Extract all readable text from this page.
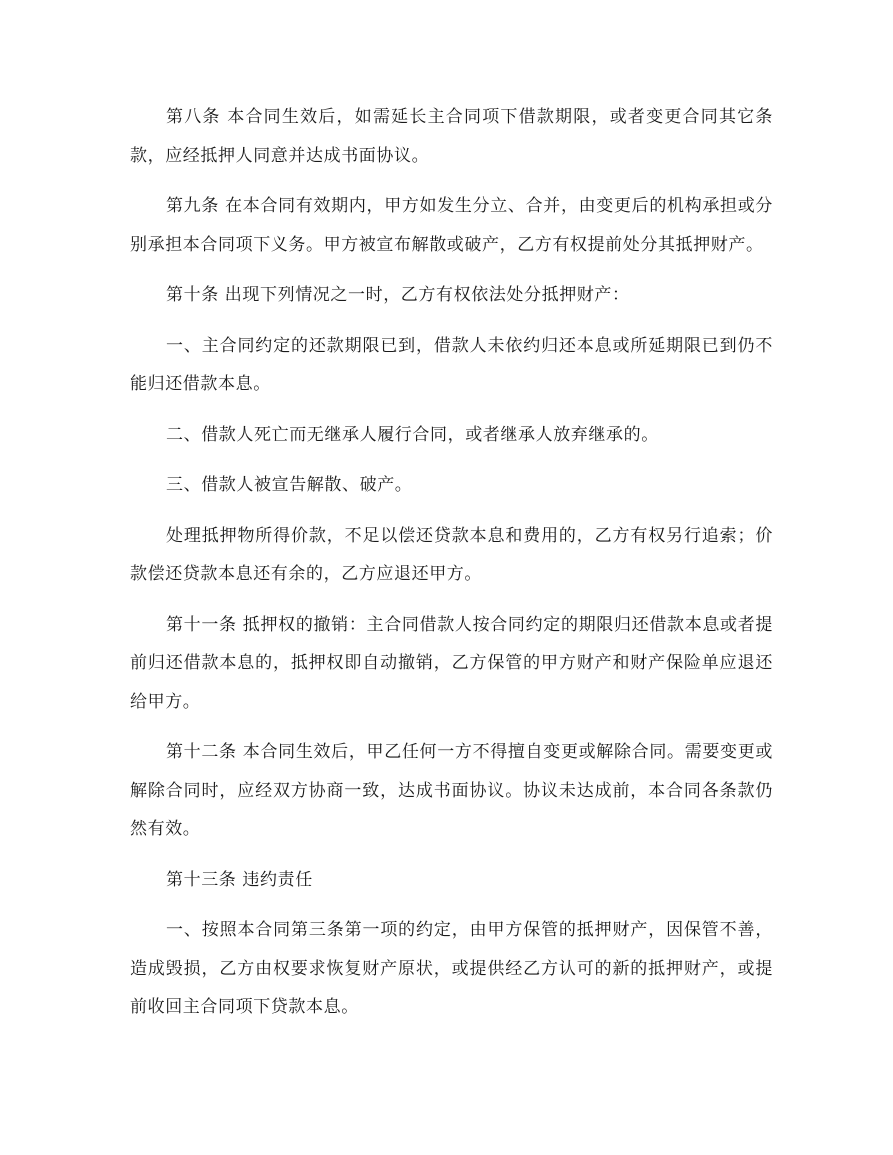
第八条 本合同生效后，如需延长主合同项下借款期限，或者变更合同其它条款，应经抵押人同意并达成书面协议。

第九条 在本合同有效期内，甲方如发生分立、合并，由变更后的机构承担或分别承担本合同项下义务。甲方被宣布解散或破产，乙方有权提前处分其抵押财产。

第十条 出现下列情况之一时，乙方有权依法处分抵押财产：

一、主合同约定的还款期限已到，借款人未依约归还本息或所延期限已到仍不能归还借款本息。

二、借款人死亡而无继承人履行合同，或者继承人放弃继承的。

三、借款人被宣告解散、破产。

处理抵押物所得价款，不足以偿还贷款本息和费用的，乙方有权另行追索；价款偿还贷款本息还有余的，乙方应退还甲方。

第十一条 抵押权的撤销：主合同借款人按合同约定的期限归还借款本息或者提前归还借款本息的，抵押权即自动撤销，乙方保管的甲方财产和财产保险单应退还给甲方。

第十二条 本合同生效后，甲乙任何一方不得擅自变更或解除合同。需要变更或解除合同时，应经双方协商一致，达成书面协议。协议未达成前，本合同各条款仍然有效。

第十三条 违约责任

一、按照本合同第三条第一项的约定，由甲方保管的抵押财产，因保管不善，造成毁损，乙方由权要求恢复财产原状，或提供经乙方认可的新的抵押财产，或提前收回主合同项下贷款本息。
